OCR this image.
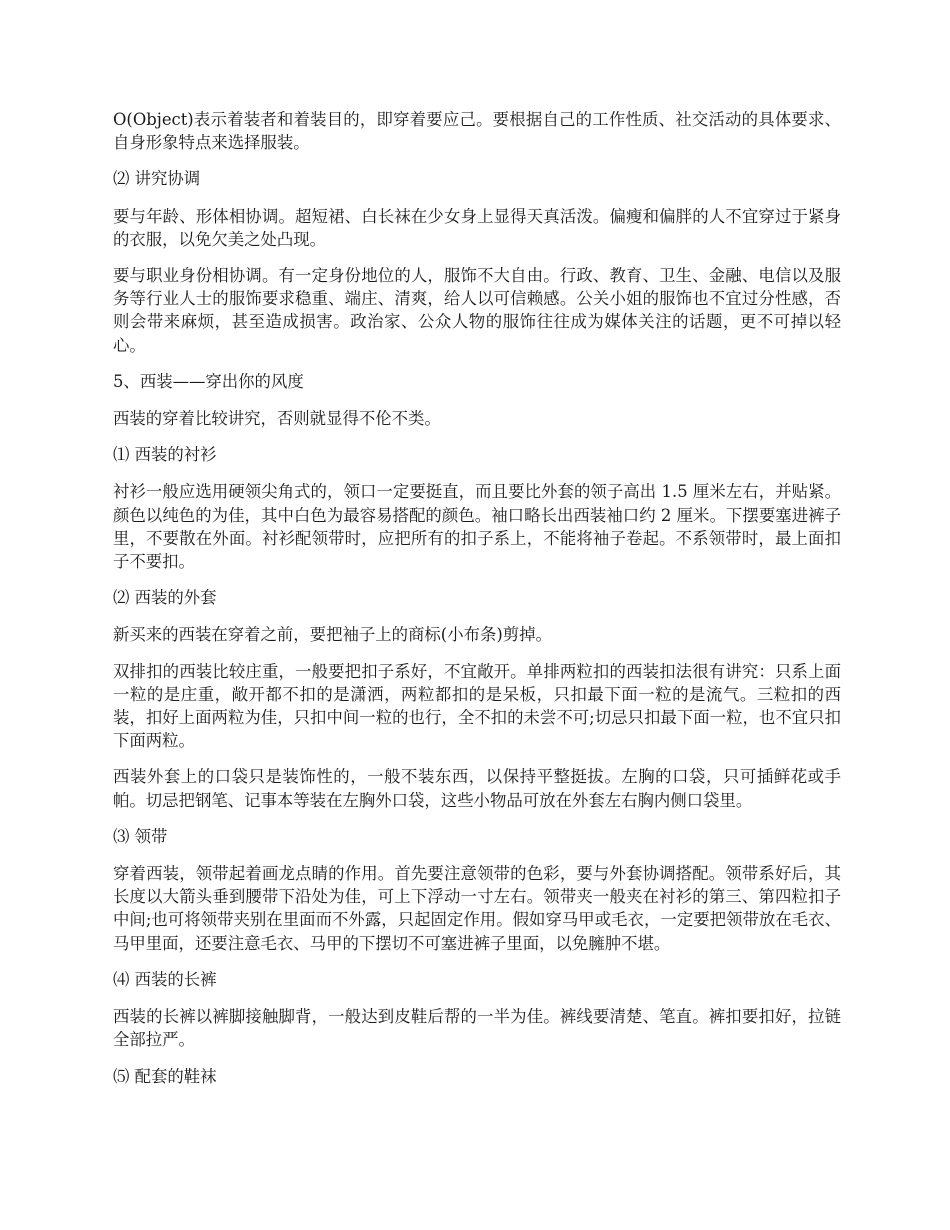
O(Object)表示着装者和着装目的，即穿着要应己。要根据自己的工作性质、社交活动的具体要求、自身形象特点来选择服装。

⑵ 讲究协调

要与年龄、形体相协调。超短裙、白长袜在少女身上显得天真活泼。偏瘦和偏胖的人不宜穿过于紧身的衣服，以免欠美之处凸现。

要与职业身份相协调。有一定身份地位的人，服饰不大自由。行政、教育、卫生、金融、电信以及服务等行业人士的服饰要求稳重、端庄、清爽，给人以可信赖感。公关小姐的服饰也不宜过分性感，否则会带来麻烦，甚至造成损害。政治家、公众人物的服饰往往成为媒体关注的话题，更不可掉以轻心。

5、西装——穿出你的风度

西装的穿着比较讲究，否则就显得不伦不类。

⑴ 西装的衬衫

衬衫一般应选用硬领尖角式的，领口一定要挺直，而且要比外套的领子高出 1.5 厘米左右，并贴紧。颜色以纯色的为佳，其中白色为最容易搭配的颜色。袖口略长出西装袖口约 2 厘米。下摆要塞进裤子里，不要散在外面。衬衫配领带时，应把所有的扣子系上，不能将袖子卷起。不系领带时，最上面扣子不要扣。

⑵ 西装的外套

新买来的西装在穿着之前，要把袖子上的商标(小布条)剪掉。

双排扣的西装比较庄重，一般要把扣子系好，不宜敞开。单排两粒扣的西装扣法很有讲究：只系上面一粒的是庄重，敞开都不扣的是潇洒，两粒都扣的是呆板，只扣最下面一粒的是流气。三粒扣的西装，扣好上面两粒为佳，只扣中间一粒的也行，全不扣的未尝不可;切忌只扣最下面一粒，也不宜只扣下面两粒。

西装外套上的口袋只是装饰性的，一般不装东西，以保持平整挺拔。左胸的口袋，只可插鲜花或手帕。切忌把钢笔、记事本等装在左胸外口袋，这些小物品可放在外套左右胸内侧口袋里。

⑶ 领带

穿着西装，领带起着画龙点睛的作用。首先要注意领带的色彩，要与外套协调搭配。领带系好后，其长度以大箭头垂到腰带下沿处为佳，可上下浮动一寸左右。领带夹一般夹在衬衫的第三、第四粒扣子中间;也可将领带夹别在里面而不外露，只起固定作用。假如穿马甲或毛衣，一定要把领带放在毛衣、马甲里面，还要注意毛衣、马甲的下摆切不可塞进裤子里面，以免臃肿不堪。

⑷ 西装的长裤

西装的长裤以裤脚接触脚背，一般达到皮鞋后帮的一半为佳。裤线要清楚、笔直。裤扣要扣好，拉链全部拉严。

⑸ 配套的鞋袜
